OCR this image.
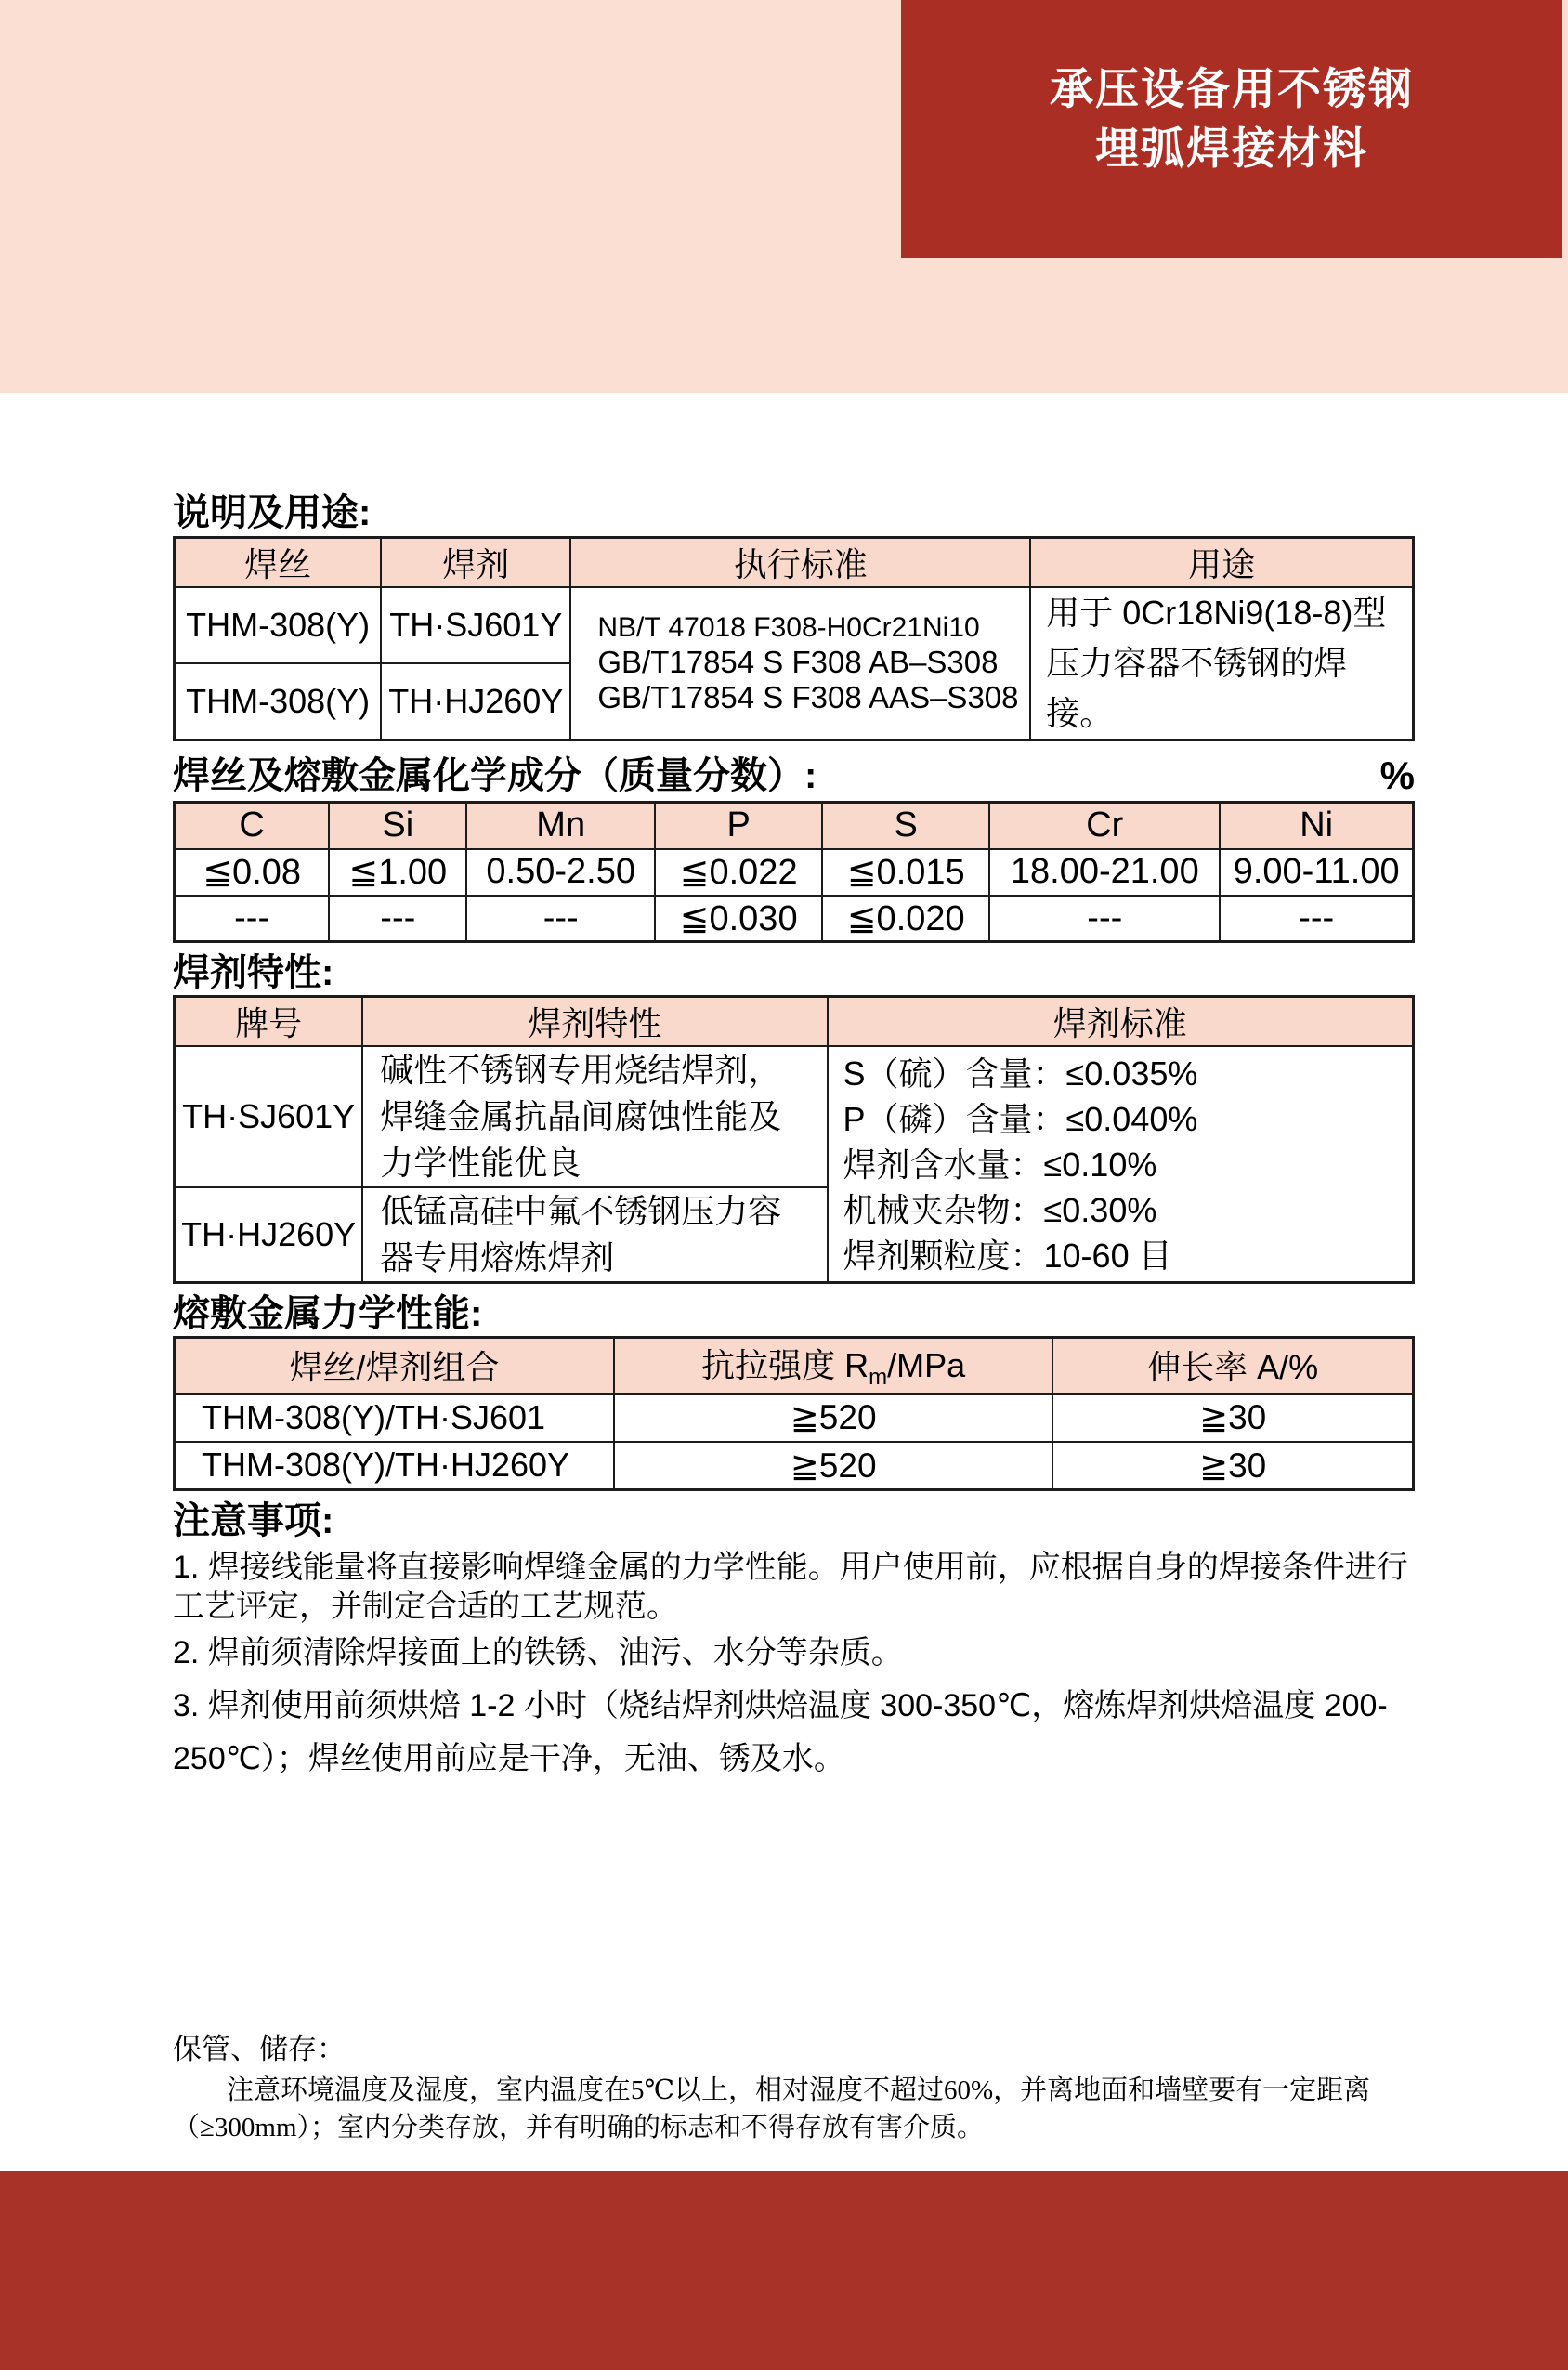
承压设备用不锈钢
埋弧焊接材料
说明及用途:
焊丝	焊剂	执行标准	用途
THM-308(Y)	TH·SJ601Y	NB/T 47018 F308-H0Cr21Ni10
GB/T17854 S F308 AB–S308
GB/T17854 S F308 AAS–S308	用于 0Cr18Ni9(18-8)型压力容器不锈钢的焊接。
THM-308(Y)	TH·HJ260Y		
焊丝及熔敷金属化学成分（质量分数）:	%
C	Si	Mn	P	S	Cr	Ni
≦0.08	≦1.00	0.50-2.50	≦0.022	≦0.015	18.00-21.00	9.00-11.00
---	---	---	≦0.030	≦0.020	---	---
焊剂特性:
牌号	焊剂特性	焊剂标准
TH·SJ601Y	碱性不锈钢专用烧结焊剂，焊缝金属抗晶间腐蚀性能及力学性能优良	S（硫）含量：≤0.035%
P（磷）含量：≤0.040%
焊剂含水量：≤0.10%
机械夹杂物：≤0.30%
焊剂颗粒度：10-60 目

TH·HJ260Y	低锰高硅中氟不锈钢压力容器专用熔炼焊剂	
熔敷金属力学性能:
焊丝/焊剂组合	抗拉强度 $R_m$/MPa	伸长率 A/%
THM-308(Y)/TH·SJ601	≧520	≧30
THM-308(Y)/TH·HJ260Y	≧520	≧30
注意事项:

1. 焊接线能量将直接影响焊缝金属的力学性能。用户使用前，应根据自身的焊接条件进行工艺评定，并制定合适的工艺规范。

2. 焊前须清除焊接面上的铁锈、油污、水分等杂质。

3. 焊剂使用前须烘焙 1-2 小时（烧结焊剂烘焙温度 300-350℃，熔炼焊剂烘焙温度 200-250℃）；焊丝使用前应是干净，无油、锈及水。

保管、储存：
注意环境温度及湿度，室内温度在5℃以上，相对湿度不超过60%，并离地面和墙壁要有一定距离（≥300mm）；室内分类存放，并有明确的标志和不得存放有害介质。
